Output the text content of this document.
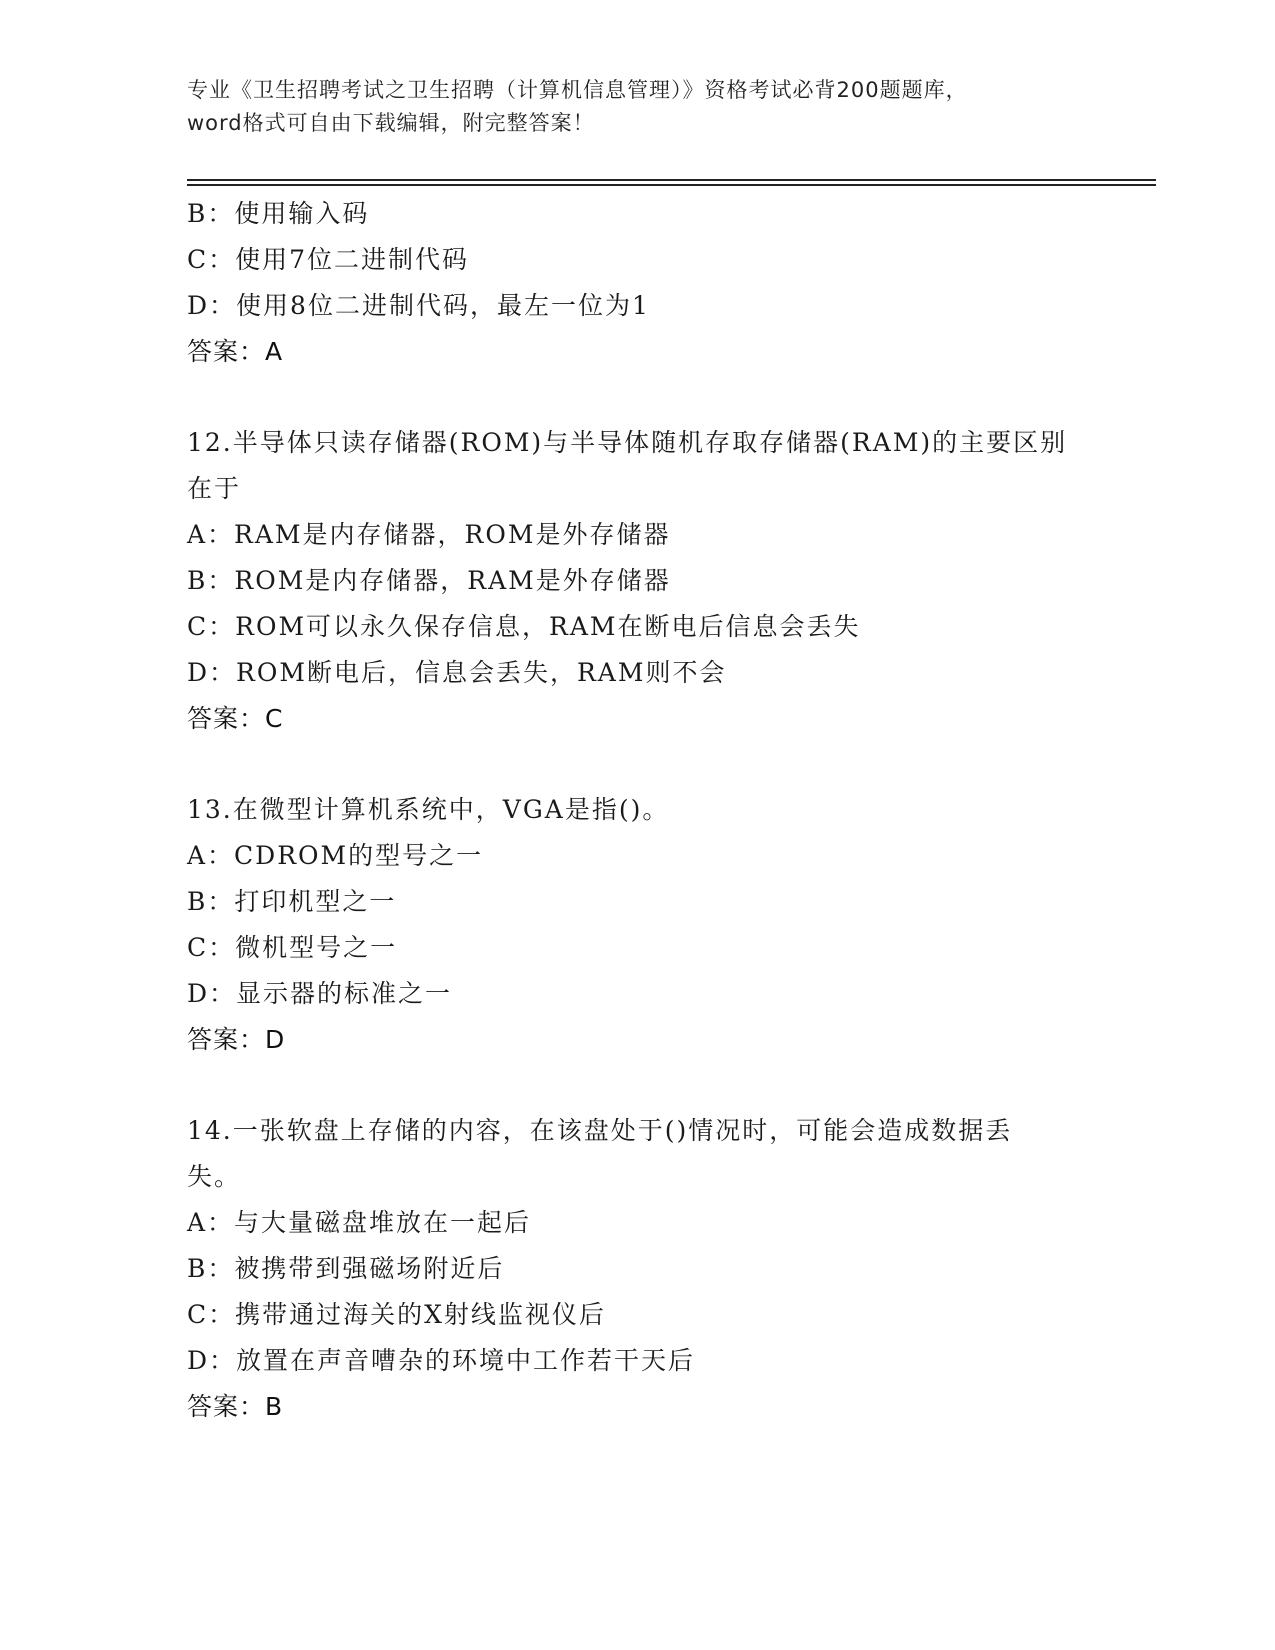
专业《卫生招聘考试之卫生招聘（计算机信息管理）》资格考试必背200题题库，
word格式可自由下载编辑，附完整答案！
B：使用输入码
C：使用7位二进制代码
D：使用8位二进制代码，最左一位为1
答案：A
12.半导体只读存储器(ROM)与半导体随机存取存储器(RAM)的主要区别
在于
A：RAM是内存储器，ROM是外存储器
B：ROM是内存储器，RAM是外存储器
C：ROM可以永久保存信息，RAM在断电后信息会丢失
D：ROM断电后，信息会丢失，RAM则不会
答案：C
13.在微型计算机系统中，VGA是指()。
A：CDROM的型号之一
B：打印机型之一
C：微机型号之一
D：显示器的标准之一
答案：D
14.一张软盘上存储的内容，在该盘处于()情况时，可能会造成数据丢
失。
A：与大量磁盘堆放在一起后
B：被携带到强磁场附近后
C：携带通过海关的X射线监视仪后
D：放置在声音嘈杂的环境中工作若干天后
答案：B
